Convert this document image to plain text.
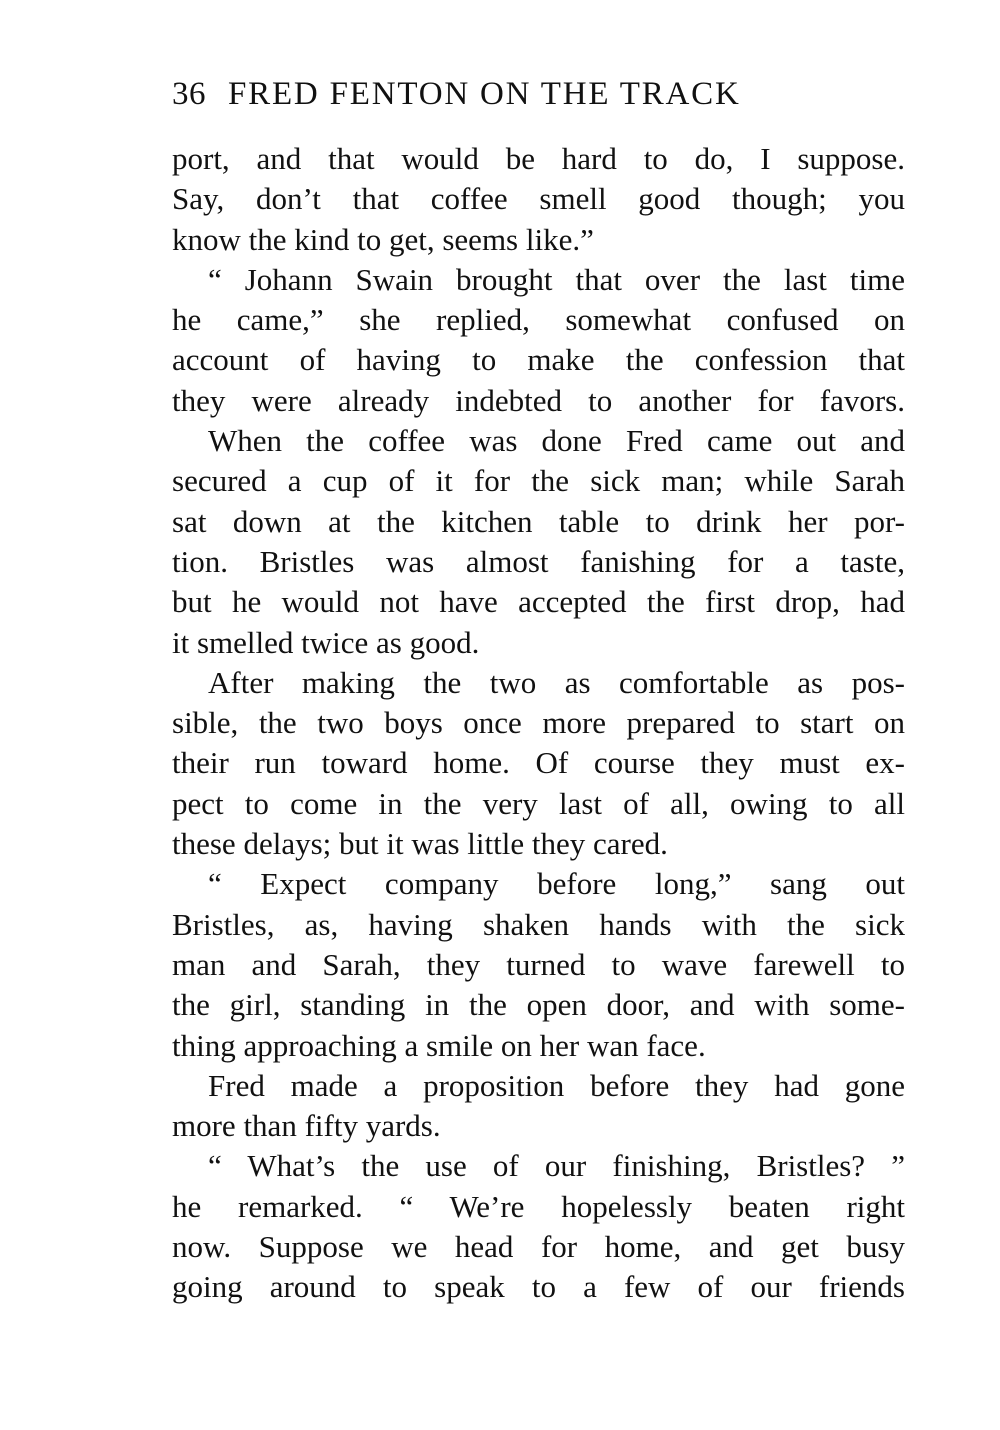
36 FRED FENTON ON THE TRACK
port, and that would be hard to do, I suppose.
Say, don’t that coffee smell good though; you
know the kind to get, seems like.”
“ Johann Swain brought that over the last time
he came,” she replied, somewhat confused on
account of having to make the confession that
they were already indebted to another for favors.
When the coffee was done Fred came out and
secured a cup of it for the sick man; while Sarah
sat down at the kitchen table to drink her por-
tion. Bristles was almost fanishing for a taste,
but he would not have accepted the first drop, had
it smelled twice as good.
After making the two as comfortable as pos-
sible, the two boys once more prepared to start on
their run toward home. Of course they must ex-
pect to come in the very last of all, owing to all
these delays; but it was little they cared.
“ Expect company before long,” sang out
Bristles, as, having shaken hands with the sick
man and Sarah, they turned to wave farewell to
the girl, standing in the open door, and with some-
thing approaching a smile on her wan face.
Fred made a proposition before they had gone
more than fifty yards.
“ What’s the use of our finishing, Bristles? ”
he remarked. “ We’re hopelessly beaten right
now. Suppose we head for home, and get busy
going around to speak to a few of our friends
